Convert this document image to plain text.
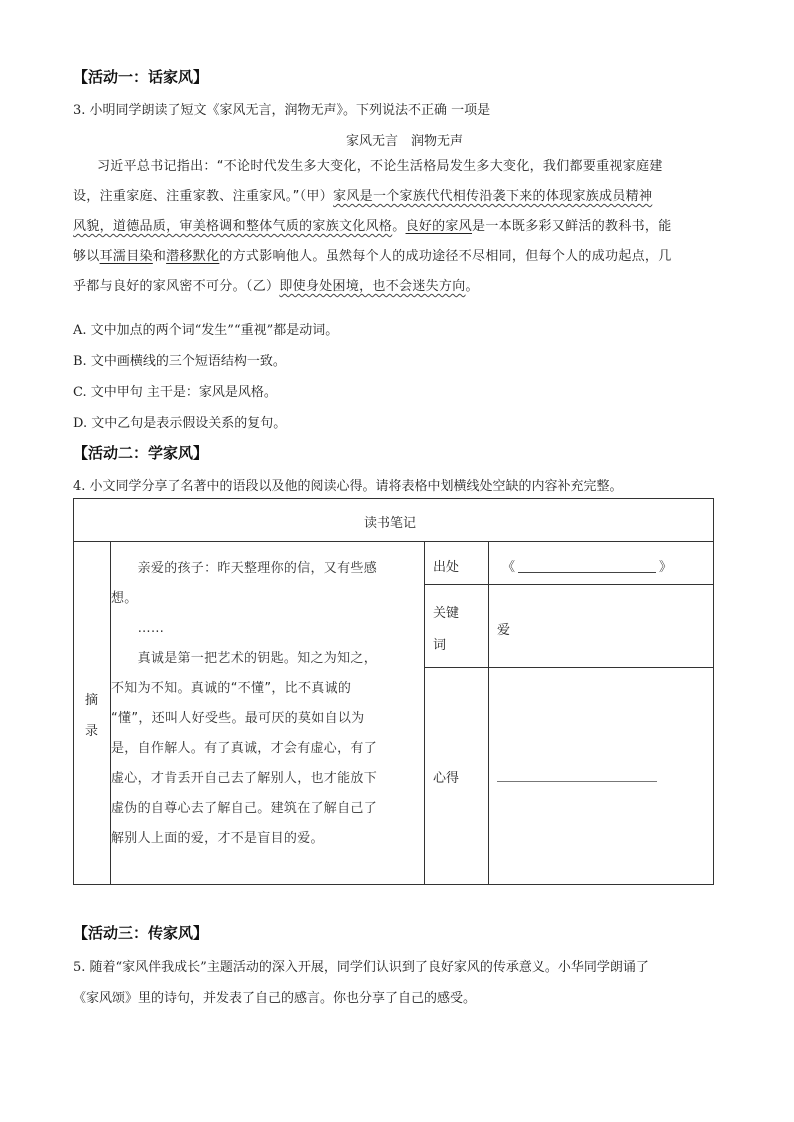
【活动一：话家风】
3. 小明同学朗读了短文《家风无言，润物无声》。下列说法不正确 一项是
家风无言　润物无声
习近平总书记指出：“不论时代发生多大变化，不论生活格局发生多大变化，我们都要重视家庭建
设，注重家庭、注重家教、注重家风。”（甲）家风是一个家族代代相传沿袭下来的体现家族成员精神
风貌，道德品质，审美格调和整体气质的家族文化风格。良好的家风是一本既多彩又鲜活的教科书，能
够以耳濡目染和潜移默化的方式影响他人。虽然每个人的成功途径不尽相同，但每个人的成功起点，几
乎都与良好的家风密不可分。（乙）即使身处困境，也不会迷失方向。
A. 文中加点的两个词“发生”“重视”都是动词。
B. 文中画横线的三个短语结构一致。
C. 文中甲句 主干是：家风是风格。
D. 文中乙句是表示假设关系的复句。
【活动二：学家风】
4. 小文同学分享了名著中的语段以及他的阅读心得。请将表格中划横线处空缺的内容补充完整。
读书笔记
摘
录
　　亲爱的孩子：昨天整理你的信，又有些感
想。
　　……
　　真诚是第一把艺术的钥匙。知之为知之，
不知为不知。真诚的“不懂”，比不真诚的
“懂”，还叫人好受些。最可厌的莫如自以为
是，自作解人。有了真诚，才会有虚心，有了
虚心，才肯丢开自己去了解别人，也才能放下
虚伪的自尊心去了解自己。建筑在了解自己了
解别人上面的爱，才不是盲目的爱。
出处	《	》
关键
词
爱
心得
【活动三：传家风】
5. 随着“家风伴我成长”主题活动的深入开展，同学们认识到了良好家风的传承意义。小华同学朗诵了
《家风颂》里的诗句，并发表了自己的感言。你也分享了自己的感受。
